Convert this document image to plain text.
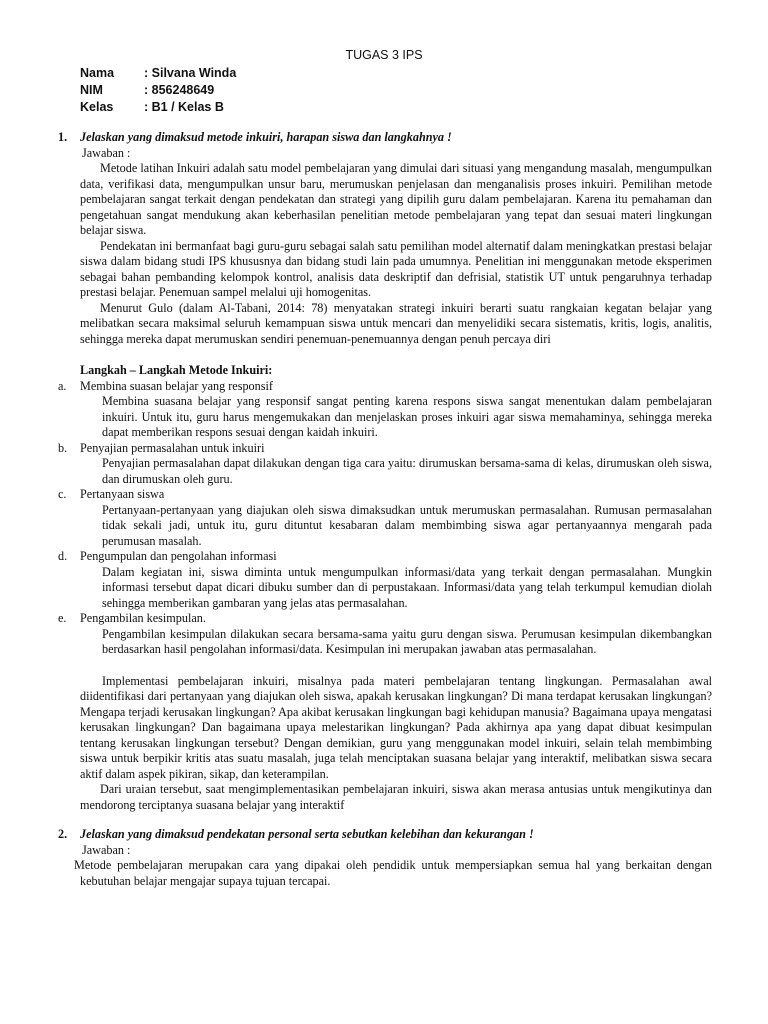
TUGAS 3 IPS
Nama	: Silvana Winda
NIM	: 856248649
Kelas	: B1 / Kelas B

1. Jelaskan yang dimaksud metode inkuiri, harapan siswa dan langkahnya !

Jawaban :

Metode latihan Inkuiri adalah satu model pembelajaran yang dimulai dari situasi yang mengandung masalah, mengumpulkan data, verifikasi data, mengumpulkan unsur baru, merumuskan penjelasan dan menganalisis proses inkuiri. Pemilihan metode pembelajaran sangat terkait dengan pendekatan dan strategi yang dipilih guru dalam pembelajaran. Karena itu pemahaman dan pengetahuan sangat mendukung akan keberhasilan penelitian metode pembelajaran yang tepat dan sesuai materi lingkungan belajar siswa.

Pendekatan ini bermanfaat bagi guru-guru sebagai salah satu pemilihan model alternatif dalam meningkatkan prestasi belajar siswa dalam bidang studi IPS khususnya dan bidang studi lain pada umumnya. Penelitian ini menggunakan metode eksperimen sebagai bahan pembanding kelompok kontrol, analisis data deskriptif dan defrisial, statistik UT untuk pengaruhnya terhadap prestasi belajar. Penemuan sampel melalui uji homogenitas.

Menurut Gulo (dalam Al-Tabani, 2014: 78) menyatakan strategi inkuiri berarti suatu rangkaian kegatan belajar yang melibatkan secara maksimal seluruh kemampuan siswa untuk mencari dan menyelidiki secara sistematis, kritis, logis, analitis, sehingga mereka dapat merumuskan sendiri penemuan-penemuannya dengan penuh percaya diri

Langkah – Langkah Metode Inkuiri:

a. Membina suasan belajar yang responsif

Membina suasana belajar yang responsif sangat penting karena respons siswa sangat menentukan dalam pembelajaran inkuiri. Untuk itu, guru harus mengemukakan dan menjelaskan proses inkuiri agar siswa memahaminya, sehingga mereka dapat memberikan respons sesuai dengan kaidah inkuiri.

b. Penyajian permasalahan untuk inkuiri

Penyajian permasalahan dapat dilakukan dengan tiga cara yaitu: dirumuskan bersama-sama di kelas, dirumuskan oleh siswa, dan dirumuskan oleh guru.

c. Pertanyaan siswa

Pertanyaan-pertanyaan yang diajukan oleh siswa dimaksudkan untuk merumuskan permasalahan. Rumusan permasalahan tidak sekali jadi, untuk itu, guru dituntut kesabaran dalam membimbing siswa agar pertanyaannya mengarah pada perumusan masalah.

d. Pengumpulan dan pengolahan informasi

Dalam kegiatan ini, siswa diminta untuk mengumpulkan informasi/data yang terkait dengan permasalahan. Mungkin informasi tersebut dapat dicari dibuku sumber dan di perpustakaan. Informasi/data yang telah terkumpul kemudian diolah sehingga memberikan gambaran yang jelas atas permasalahan.

e. Pengambilan kesimpulan.

Pengambilan kesimpulan dilakukan secara bersama-sama yaitu guru dengan siswa. Perumusan kesimpulan dikembangkan berdasarkan hasil pengolahan informasi/data. Kesimpulan ini merupakan jawaban atas permasalahan.

Implementasi pembelajaran inkuiri, misalnya pada materi pembelajaran tentang lingkungan. Permasalahan awal diidentifikasi dari pertanyaan yang diajukan oleh siswa, apakah kerusakan lingkungan? Di mana terdapat kerusakan lingkungan? Mengapa terjadi kerusakan lingkungan? Apa akibat kerusakan lingkungan bagi kehidupan manusia? Bagaimana upaya mengatasi kerusakan lingkungan? Dan bagaimana upaya melestarikan lingkungan? Pada akhirnya apa yang dapat dibuat kesimpulan tentang kerusakan lingkungan tersebut? Dengan demikian, guru yang menggunakan model inkuiri, selain telah membimbing siswa untuk berpikir kritis atas suatu masalah, juga telah menciptakan suasana belajar yang interaktif, melibatkan siswa secara aktif dalam aspek pikiran, sikap, dan keterampilan.

Dari uraian tersebut, saat mengimplementasikan pembelajaran inkuiri, siswa akan merasa antusias untuk mengikutinya dan mendorong terciptanya suasana belajar yang interaktif

2. Jelaskan yang dimaksud pendekatan personal serta sebutkan kelebihan dan kekurangan !

Jawaban :

Metode pembelajaran merupakan cara yang dipakai oleh pendidik untuk mempersiapkan semua hal yang berkaitan dengan kebutuhan belajar mengajar supaya tujuan tercapai.
